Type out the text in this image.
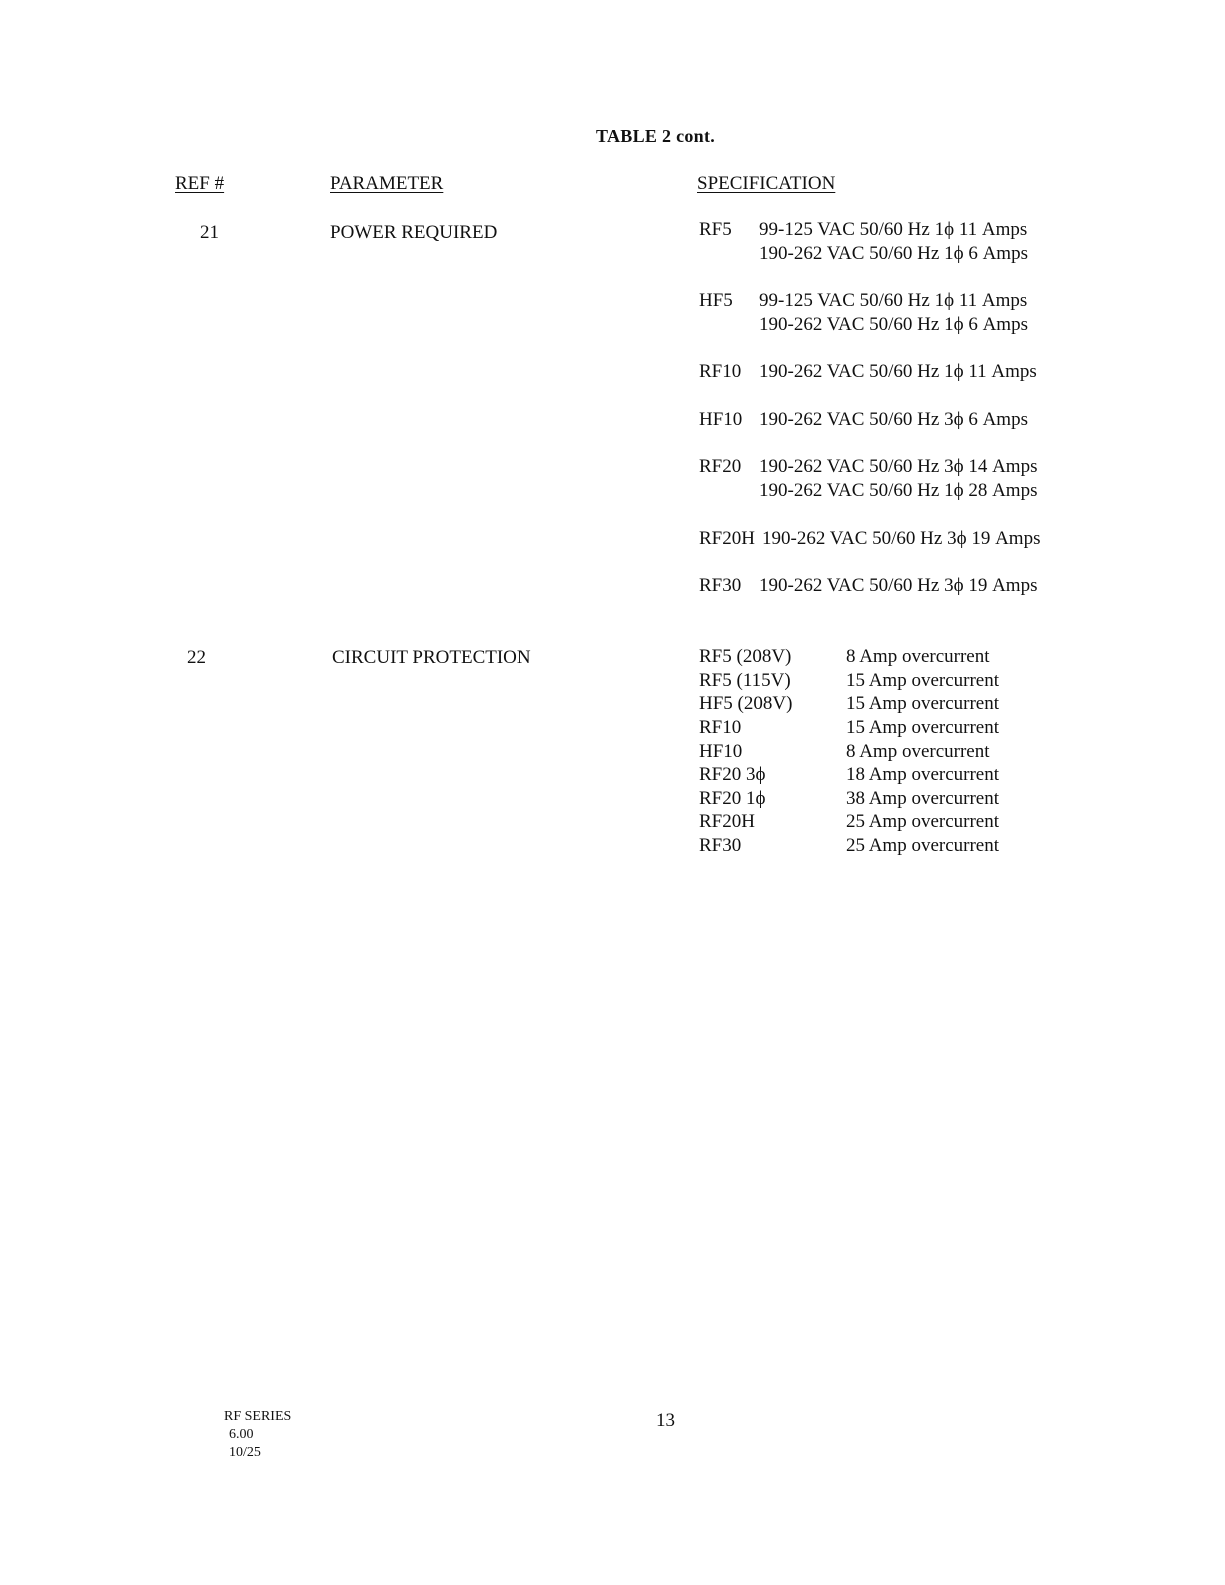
TABLE 2 cont.
REF #	PARAMETER	SPECIFICATION
21	POWER REQUIRED	RF5 99-125 VAC 50/60 Hz 1ϕ 11 Amps
190-262 VAC 50/60 Hz 1ϕ 6 Amps
HF5 99-125 VAC 50/60 Hz 1ϕ 11 Amps
190-262 VAC 50/60 Hz 1ϕ 6 Amps
RF10 190-262 VAC 50/60 Hz 1ϕ 11 Amps
HF10 190-262 VAC 50/60 Hz 3ϕ 6 Amps
RF20 190-262 VAC 50/60 Hz 3ϕ 14 Amps
190-262 VAC 50/60 Hz 1ϕ 28 Amps
RF20H 190-262 VAC 50/60 Hz 3ϕ 19 Amps
RF30 190-262 VAC 50/60 Hz 3ϕ 19 Amps
22	CIRCUIT PROTECTION	RF5 (208V)	8 Amp overcurrent
RF5 (115V)	15 Amp overcurrent
HF5 (208V)	15 Amp overcurrent
RF10	15 Amp overcurrent
HF10	8 Amp overcurrent
RF20 3ϕ	18 Amp overcurrent
RF20 1ϕ	38 Amp overcurrent
RF20H	25 Amp overcurrent
RF30	25 Amp overcurrent
RF SERIES
6.00
10/25
13
